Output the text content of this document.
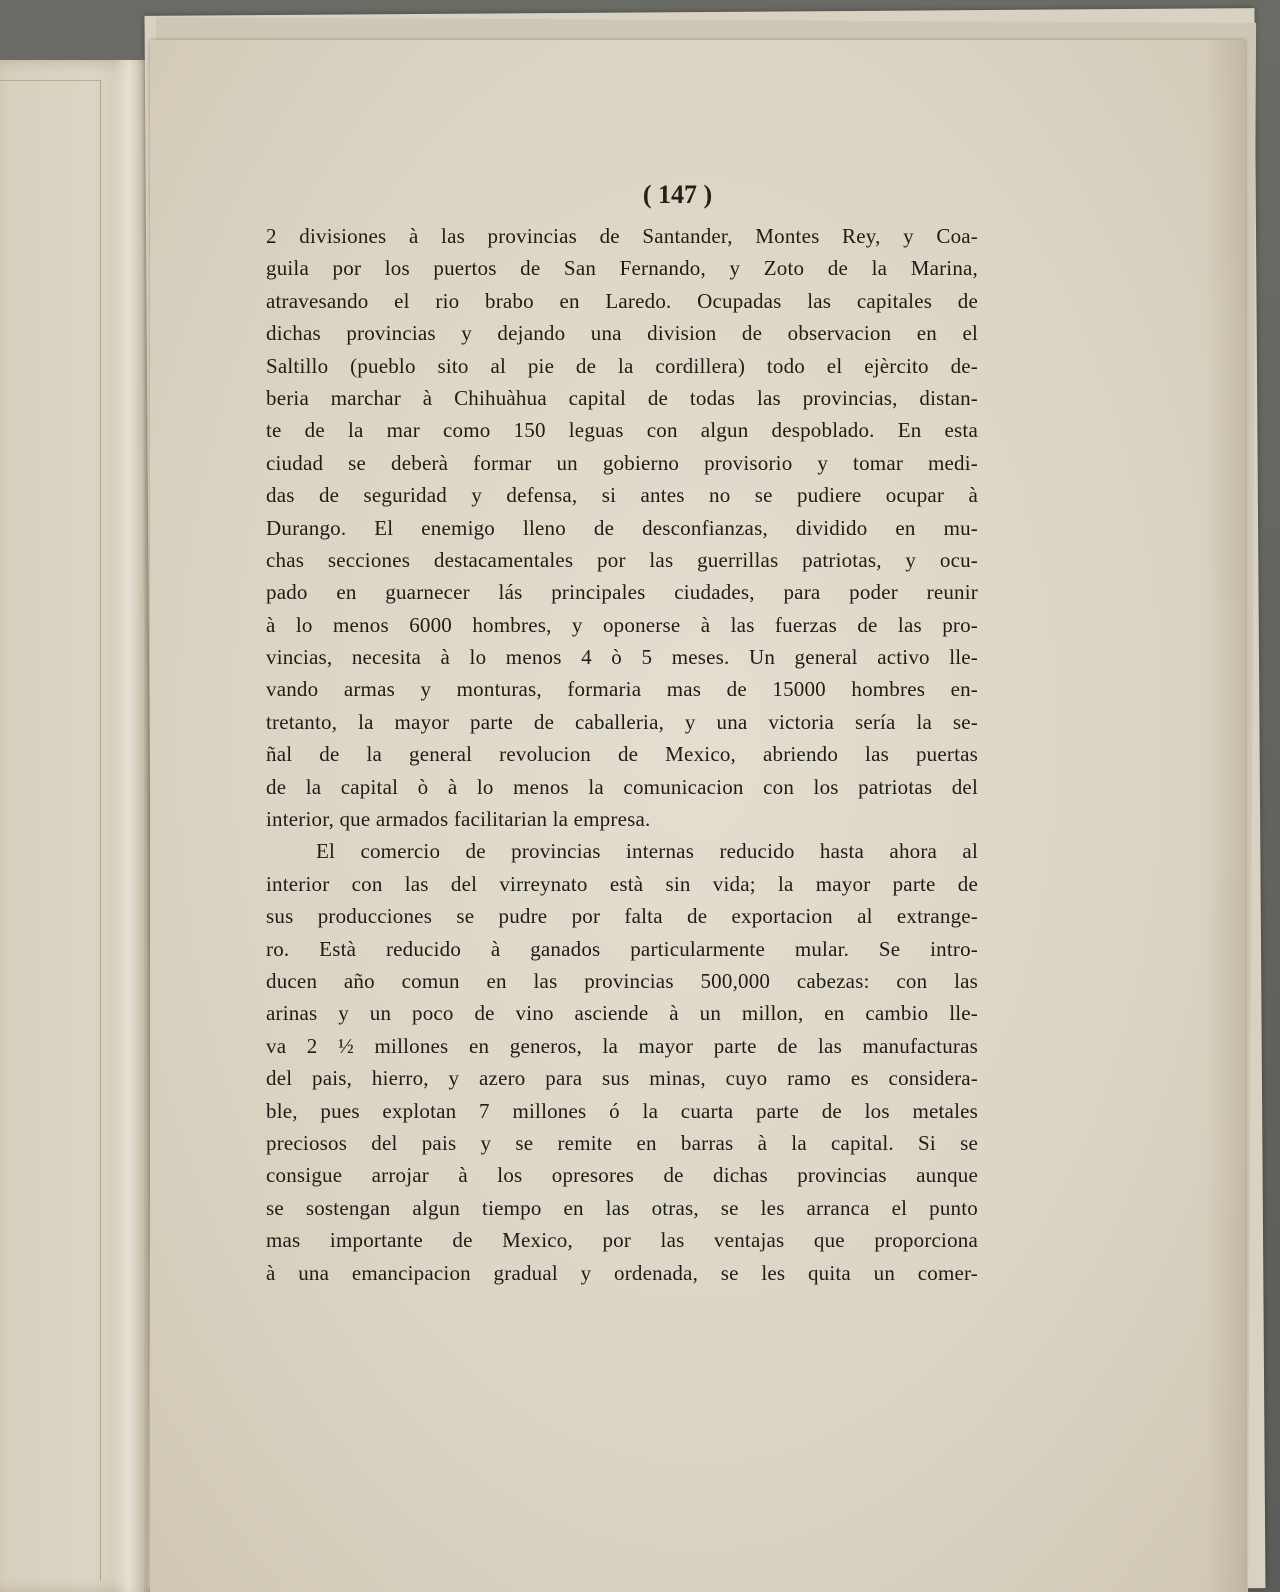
( 147 )
2 divisiones à las provincias de Santander, Montes Rey, y Coa-
guila por los puertos de San Fernando, y Zoto de la Marina,
atravesando el rio brabo en Laredo. Ocupadas las capitales de
dichas provincias y dejando una division de observacion en el
Saltillo (pueblo sito al pie de la cordillera) todo el ejèrcito de-
beria marchar à Chihuàhua capital de todas las provincias, distan-
te de la mar como 150 leguas con algun despoblado. En esta
ciudad se deberà formar un gobierno provisorio y tomar medi-
das de seguridad y defensa, si antes no se pudiere ocupar à
Durango. El enemigo lleno de desconfianzas, dividido en mu-
chas secciones destacamentales por las guerrillas patriotas, y ocu-
pado en guarnecer lás principales ciudades, para poder reunir
à lo menos 6000 hombres, y oponerse à las fuerzas de las pro-
vincias, necesita à lo menos 4 ò 5 meses. Un general activo lle-
vando armas y monturas, formaria mas de 15000 hombres en-
tretanto, la mayor parte de caballeria, y una victoria sería la se-
ñal de la general revolucion de Mexico, abriendo las puertas
de la capital ò à lo menos la comunicacion con los patriotas del
interior, que armados facilitarian la empresa.
El comercio de provincias internas reducido hasta ahora al
interior con las del virreynato està sin vida; la mayor parte de
sus producciones se pudre por falta de exportacion al extrange-
ro. Està reducido à ganados particularmente mular. Se intro-
ducen año comun en las provincias 500,000 cabezas: con las
arinas y un poco de vino asciende à un millon, en cambio lle-
va 2 ½ millones en generos, la mayor parte de las manufacturas
del pais, hierro, y azero para sus minas, cuyo ramo es considera-
ble, pues explotan 7 millones ó la cuarta parte de los metales
preciosos del pais y se remite en barras à la capital. Si se
consigue arrojar à los opresores de dichas provincias aunque
se sostengan algun tiempo en las otras, se les arranca el punto
mas importante de Mexico, por las ventajas que proporciona
à una emancipacion gradual y ordenada, se les quita un comer-
